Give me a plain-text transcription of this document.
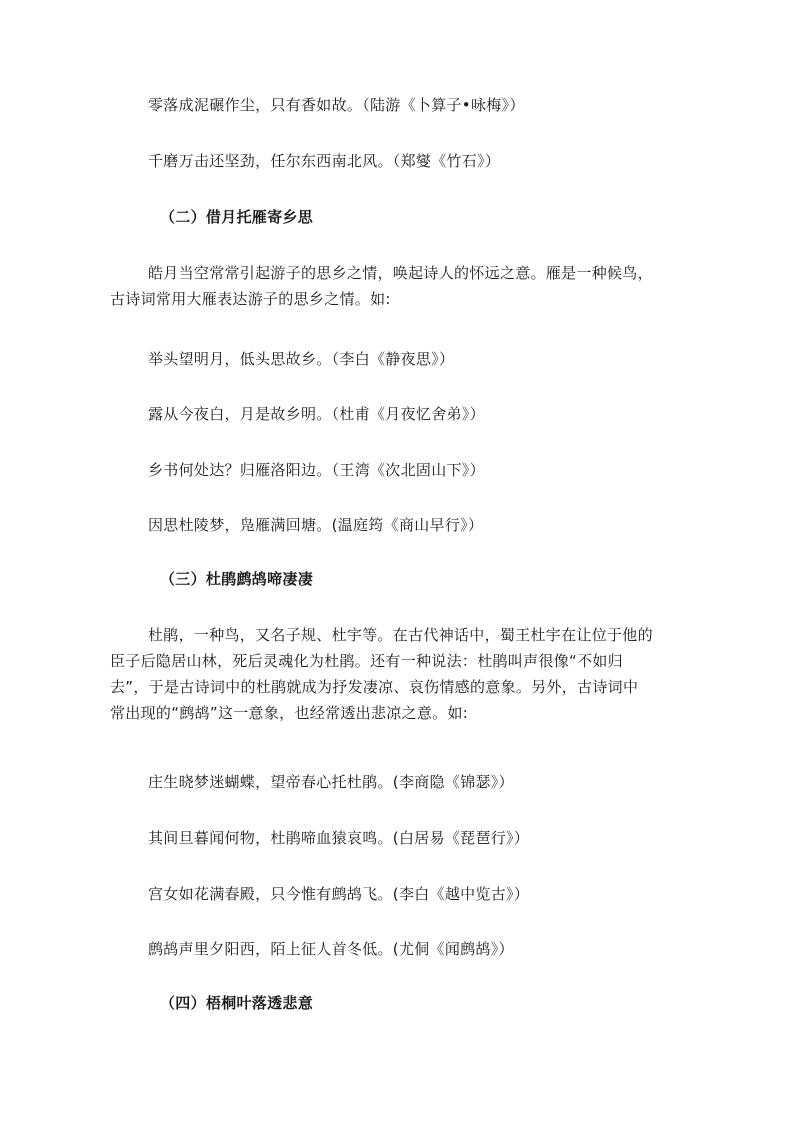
零落成泥碾作尘，只有香如故。（陆游《卜算子•咏梅》）
千磨万击还坚劲，任尔东西南北风。（郑燮《竹石》）
（二）借月托雁寄乡思

皓月当空常常引起游子的思乡之情，唤起诗人的怀远之意。雁是一种候鸟，

古诗词常用大雁表达游子的思乡之情。如:

举头望明月，低头思故乡。（李白《静夜思》）
露从今夜白，月是故乡明。（杜甫《月夜忆舍弟》）
乡书何处达？归雁洛阳边。（王湾《次北固山下》）
因思杜陵梦，凫雁满回塘。(温庭筠《商山早行》）
（三）杜鹃鹧鸪啼凄凄

杜鹃，一种鸟，又名子规、杜宇等。在古代神话中，蜀王杜宇在让位于他的

臣子后隐居山林，死后灵魂化为杜鹃。还有一种说法：杜鹃叫声很像“不如归

去”，于是古诗词中的杜鹃就成为抒发凄凉、哀伤情感的意象。另外，古诗词中

常出现的“鹧鸪”这一意象，也经常透出悲凉之意。如:

庄生晓梦迷蝴蝶，望帝春心托杜鹃。(李商隐《锦瑟》）
其间旦暮闻何物，杜鹃啼血猿哀鸣。(白居易《琵琶行》）
宫女如花满春殿，只今惟有鹧鸪飞。(李白《越中览古》）
鹧鸪声里夕阳西，陌上征人首冬低。(尤侗《闻鹧鸪》）
（四）梧桐叶落透悲意
